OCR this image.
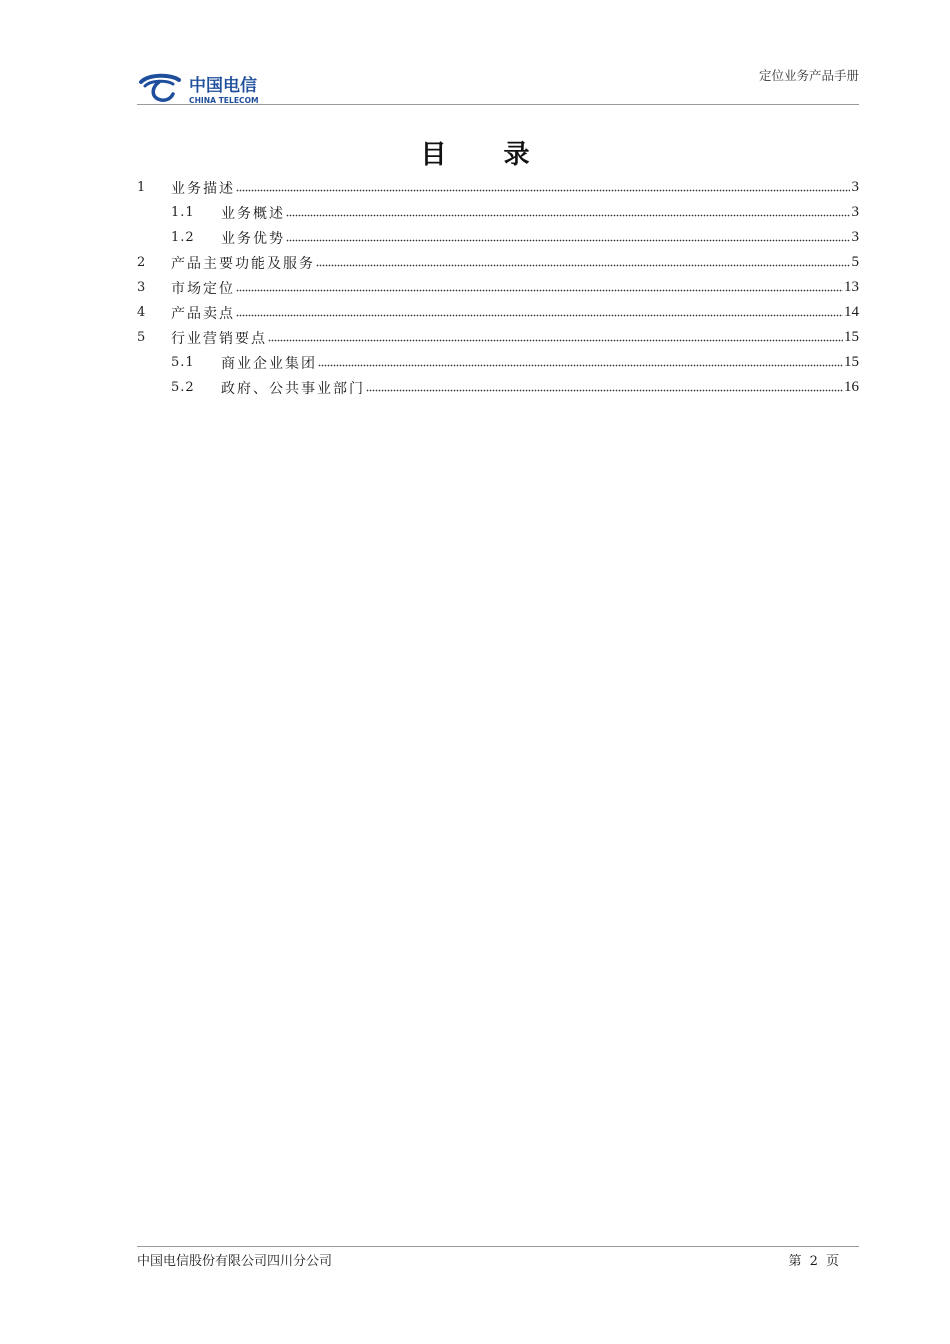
中国电信
CHINA TELECOM
定位业务产品手册
目 录
1	业务描述	3
1.1	业务概述	3
1.2	业务优势	3
2	产品主要功能及服务	5
3	市场定位	13
4	产品卖点	14
5	行业营销要点	15
5.1	商业企业集团	15
5.2	政府、公共事业部门	16
中国电信股份有限公司四川分公司	第 2 页
